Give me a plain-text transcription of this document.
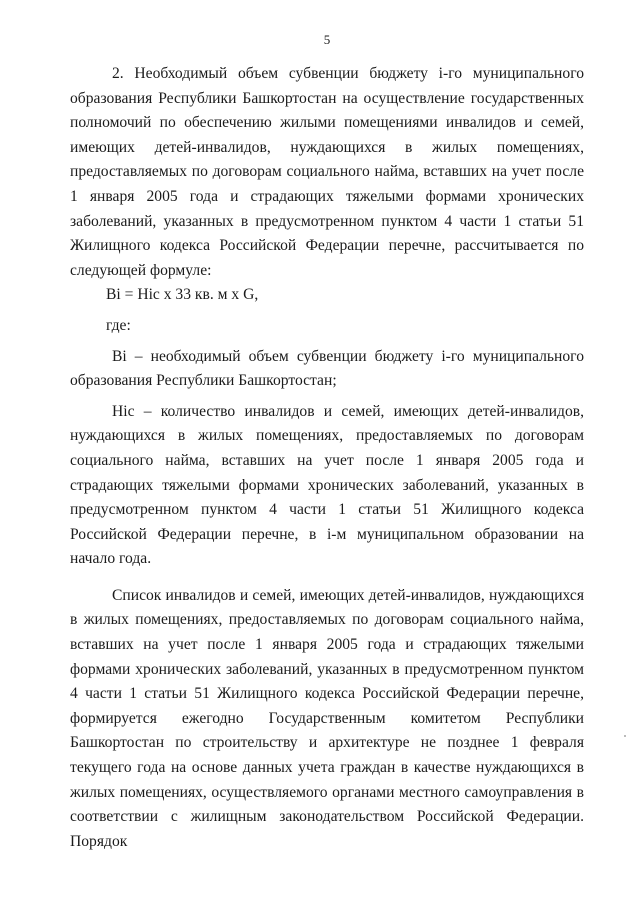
5

2. Необходимый объем субвенции бюджету i-го муниципального образования Республики Башкортостан на осуществление государственных полномочий по обеспечению жилыми помещениями инвалидов и семей, имеющих детей-инвалидов, нуждающихся в жилых помещениях, предоставляемых по договорам социального найма, вставших на учет после 1 января 2005 года и страдающих тяжелыми формами хронических заболеваний, указанных в предусмотренном пунктом 4 части 1 статьи 51 Жилищного кодекса Российской Федерации перечне, рассчитывается по следующей формуле:

Bi = Hic x 33 кв. м x G,

где:

Bi – необходимый объем субвенции бюджету i-го муниципального образования Республики Башкортостан;

Hic – количество инвалидов и семей, имеющих детей-инвалидов, нуждающихся в жилых помещениях, предоставляемых по договорам социального найма, вставших на учет после 1 января 2005 года и страдающих тяжелыми формами хронических заболеваний, указанных в предусмотренном пунктом 4 части 1 статьи 51 Жилищного кодекса Российской Федерации перечне, в i-м муниципальном образовании на начало года.

Список инвалидов и семей, имеющих детей-инвалидов, нуждающихся в жилых помещениях, предоставляемых по договорам социального найма, вставших на учет после 1 января 2005 года и страдающих тяжелыми формами хронических заболеваний, указанных в предусмотренном пунктом 4 части 1 статьи 51 Жилищного кодекса Российской Федерации перечне, формируется ежегодно Государственным комитетом Республики Башкортостан по строительству и архитектуре не позднее 1 февраля текущего года на основе данных учета граждан в качестве нуждающихся в жилых помещениях, осуществляемого органами местного самоуправления в соответствии с жилищным законодательством Российской Федерации. Порядок
